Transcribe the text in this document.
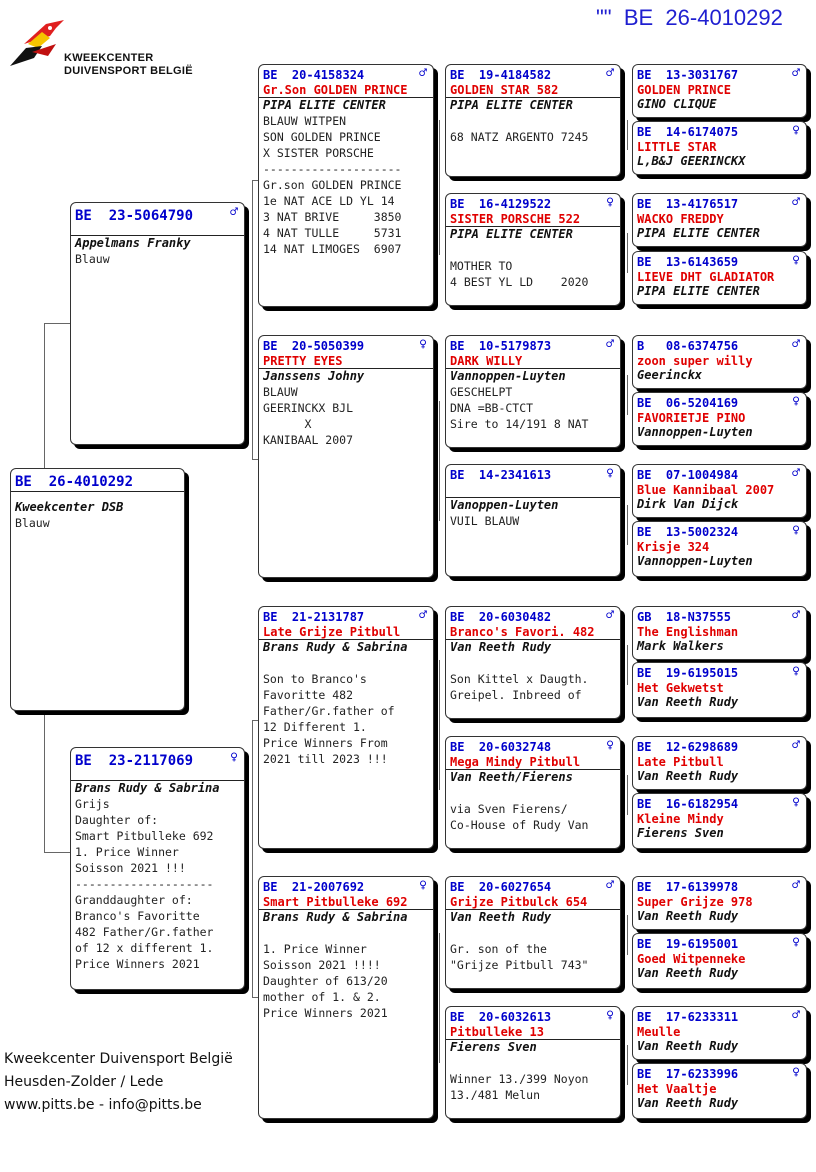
""  BE  26-4010292
KWEEKCENTER
DUIVENSPORT BELGIË
BE  26-4010292
Kweekcenter DSB
Blauw
BE  23-5064790	♂
Appelmans Franky
Blauw
BE  23-2117069	♀
Brans Rudy & Sabrina
Grijs
Daughter of:
Smart Pitbulleke 692
1. Price Winner
Soisson 2021 !!!
--------------------
Granddaughter of:
Branco's Favoritte
482 Father/Gr.father
of 12 x different 1.
Price Winners 2021
BE  20-4158324	♂
Gr.Son GOLDEN PRINCE
PIPA ELITE CENTER
BLAUW WITPEN
SON GOLDEN PRINCE
X SISTER PORSCHE
--------------------
Gr.son GOLDEN PRINCE
1e NAT ACE LD YL 14
3 NAT BRIVE     3850
4 NAT TULLE     5731
14 NAT LIMOGES  6907
BE  20-5050399	♀
PRETTY EYES
Janssens Johny
BLAUW
GEERINCKX BJL
X
KANIBAAL 2007
BE  21-2131787	♂
Late Grijze Pitbull
Brans Rudy & Sabrina

Son to Branco's
Favoritte 482
Father/Gr.father of
12 Different 1.
Price Winners From
2021 till 2023 !!!
BE  21-2007692	♀
Smart Pitbulleke 692
Brans Rudy & Sabrina

1. Price Winner
Soisson 2021 !!!!
Daughter of 613/20
mother of 1. & 2.
Price Winners 2021
BE  19-4184582	♂
GOLDEN STAR 582
PIPA ELITE CENTER

68 NATZ ARGENTO 7245
BE  16-4129522	♀
SISTER PORSCHE 522
PIPA ELITE CENTER

MOTHER TO
4 BEST YL LD    2020
BE  10-5179873	♂
DARK WILLY
Vannoppen-Luyten
GESCHELPT
DNA =BB-CTCT
Sire to 14/191 8 NAT
BE  14-2341613	♀
Vanoppen-Luyten
VUIL BLAUW
BE  20-6030482	♂
Branco's Favori. 482
Van Reeth Rudy

Son Kittel x Daugth.
Greipel. Inbreed of
BE  20-6032748	♀
Mega Mindy Pitbull
Van Reeth/Fierens

via Sven Fierens/
Co-House of Rudy Van
BE  20-6027654	♂
Grijze Pitbulck 654
Van Reeth Rudy

Gr. son of the
"Grijze Pitbull 743"
BE  20-6032613	♀
Pitbulleke 13
Fierens Sven

Winner 13./399 Noyon
13./481 Melun
BE  13-3031767	♂
GOLDEN PRINCE
GINO CLIQUE
BE  14-6174075	♀
LITTLE STAR
L,B&J GEERINCKX
BE  13-4176517	♂
WACKO FREDDY
PIPA ELITE CENTER
BE  13-6143659	♀
LIEVE DHT GLADIATOR
PIPA ELITE CENTER
B   08-6374756	♂
zoon super willy
Geerinckx
BE  06-5204169	♀
FAVORIETJE PINO
Vannoppen-Luyten
BE  07-1004984	♂
Blue Kannibaal 2007
Dirk Van Dijck
BE  13-5002324	♀
Krisje 324
Vannoppen-Luyten
GB  18-N37555	♂
The Englishman
Mark Walkers
BE  19-6195015	♀
Het Gekwetst
Van Reeth Rudy
BE  12-6298689	♂
Late Pitbull
Van Reeth Rudy
BE  16-6182954	♀
Kleine Mindy
Fierens Sven
BE  17-6139978	♂
Super Grijze 978
Van Reeth Rudy
BE  19-6195001	♀
Goed Witpenneke
Van Reeth Rudy
BE  17-6233311	♂
Meulle
Van Reeth Rudy
BE  17-6233996	♀
Het Vaaltje
Van Reeth Rudy
Kweekcenter Duivensport België
Heusden-Zolder / Lede
www.pitts.be - info@pitts.be
